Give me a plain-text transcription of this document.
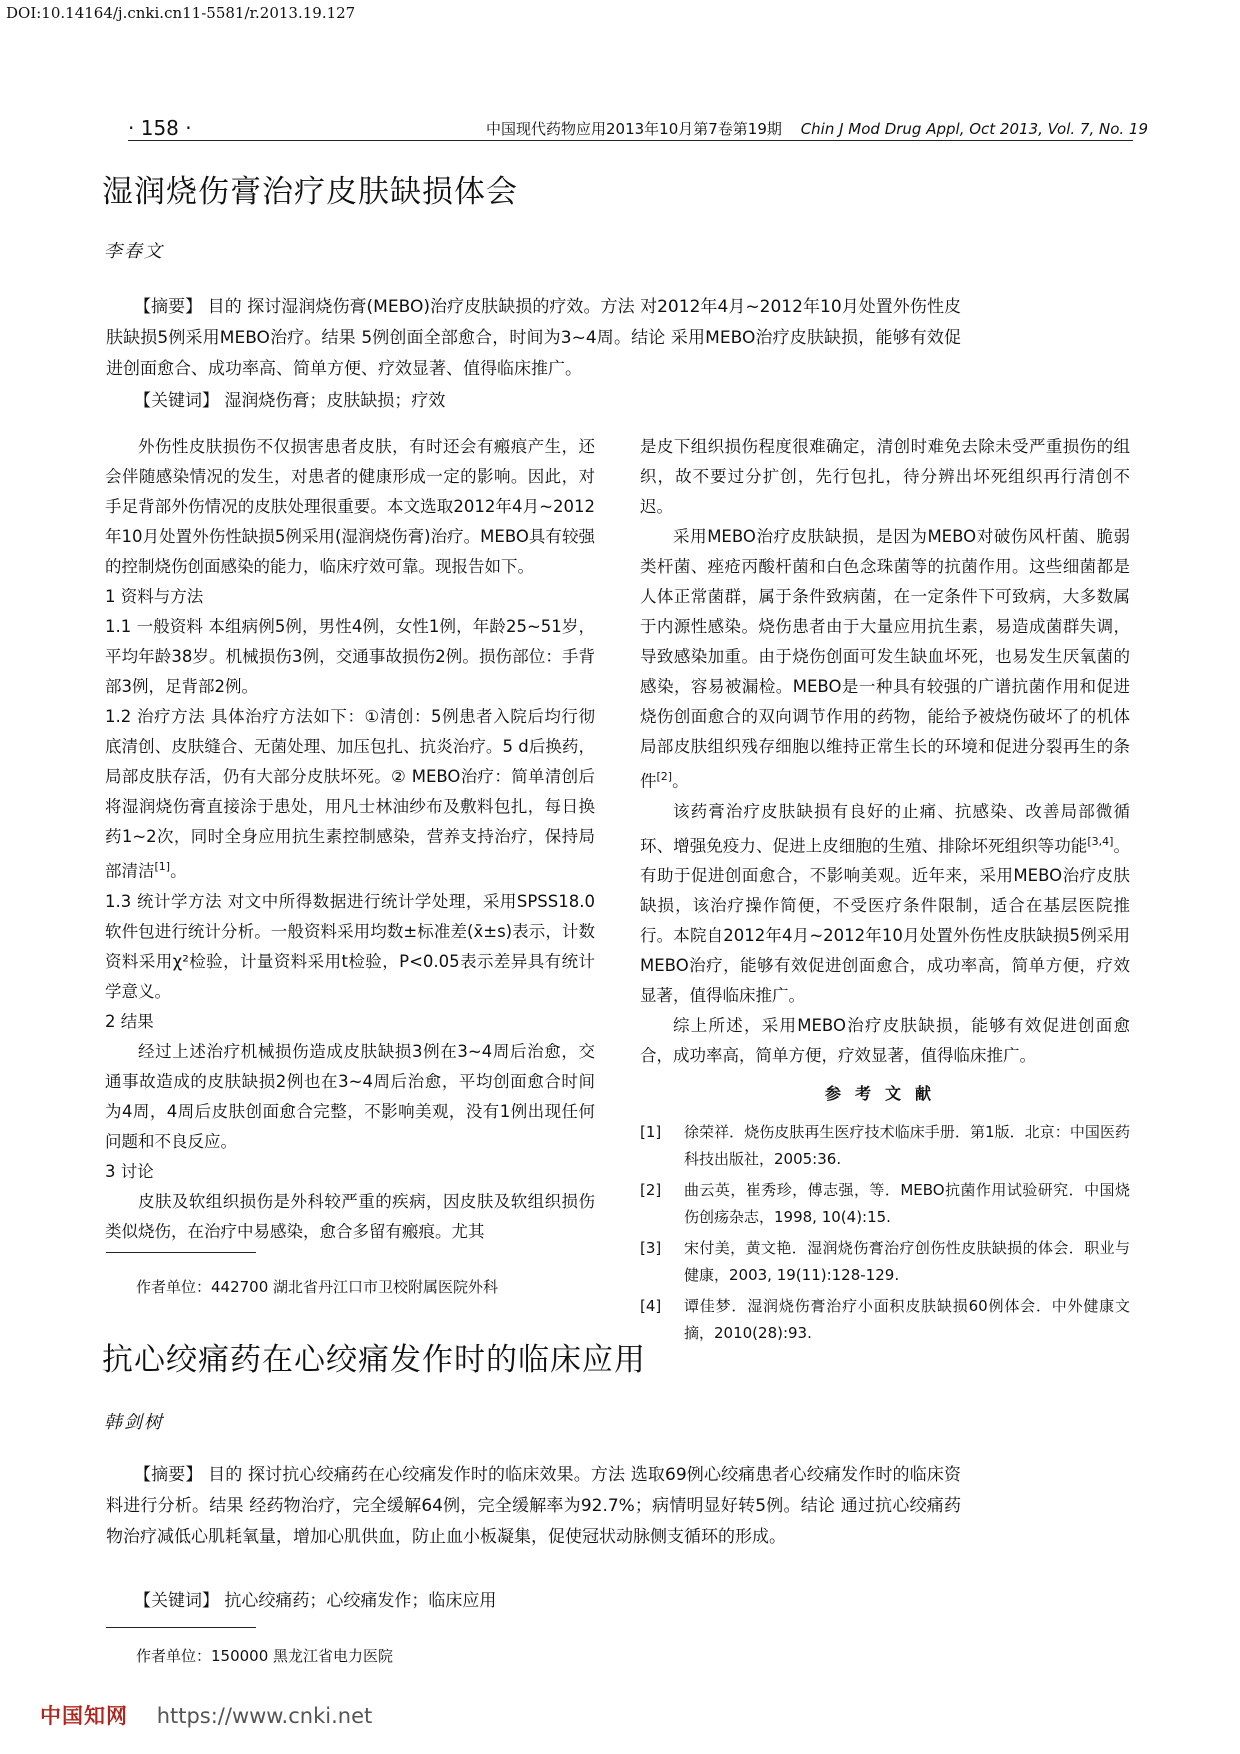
DOI:10.14164/j.cnki.cn11-5581/r.2013.19.127
· 158 ·	中国现代药物应用2013年10月第7卷第19期 Chin J Mod Drug Appl, Oct 2013, Vol. 7, No. 19
湿润烧伤膏治疗皮肤缺损体会
李春文
【摘要】 目的 探讨湿润烧伤膏(MEBO)治疗皮肤缺损的疗效。方法 对2012年4月~2012年10月处置外伤性皮肤缺损5例采用MEBO治疗。结果 5例创面全部愈合，时间为3~4周。结论 采用MEBO治疗皮肤缺损，能够有效促进创面愈合、成功率高、简单方便、疗效显著、值得临床推广。
【关键词】 湿润烧伤膏；皮肤缺损；疗效

外伤性皮肤损伤不仅损害患者皮肤，有时还会有瘢痕产生，还会伴随感染情况的发生，对患者的健康形成一定的影响。因此，对手足背部外伤情况的皮肤处理很重要。本文选取2012年4月~2012年10月处置外伤性缺损5例采用(湿润烧伤膏)治疗。MEBO具有较强的控制烧伤创面感染的能力，临床疗效可靠。现报告如下。

1 资料与方法

1.1 一般资料 本组病例5例，男性4例，女性1例，年龄25~51岁，平均年龄38岁。机械损伤3例，交通事故损伤2例。损伤部位：手背部3例，足背部2例。

1.2 治疗方法 具体治疗方法如下：①清创：5例患者入院后均行彻底清创、皮肤缝合、无菌处理、加压包扎、抗炎治疗。5 d后换药，局部皮肤存活，仍有大部分皮肤坏死。② MEBO治疗：简单清创后将湿润烧伤膏直接涂于患处，用凡士林油纱布及敷料包扎，每日换药1~2次，同时全身应用抗生素控制感染，营养支持治疗，保持局部清洁[1]。

1.3 统计学方法 对文中所得数据进行统计学处理，采用SPSS18.0软件包进行统计分析。一般资料采用均数±标准差(x̄±s)表示，计数资料采用χ²检验，计量资料采用t检验，P<0.05表示差异具有统计学意义。

2 结果

经过上述治疗机械损伤造成皮肤缺损3例在3~4周后治愈，交通事故造成的皮肤缺损2例也在3~4周后治愈，平均创面愈合时间为4周，4周后皮肤创面愈合完整，不影响美观，没有1例出现任何问题和不良反应。

3 讨论

皮肤及软组织损伤是外科较严重的疾病，因皮肤及软组织损伤类似烧伤，在治疗中易感染，愈合多留有瘢痕。尤其

是皮下组织损伤程度很难确定，清创时难免去除未受严重损伤的组织，故不要过分扩创，先行包扎，待分辨出坏死组织再行清创不迟。

采用MEBO治疗皮肤缺损，是因为MEBO对破伤风杆菌、脆弱类杆菌、痤疮丙酸杆菌和白色念珠菌等的抗菌作用。这些细菌都是人体正常菌群，属于条件致病菌，在一定条件下可致病，大多数属于内源性感染。烧伤患者由于大量应用抗生素，易造成菌群失调，导致感染加重。由于烧伤创面可发生缺血坏死，也易发生厌氧菌的感染，容易被漏检。MEBO是一种具有较强的广谱抗菌作用和促进烧伤创面愈合的双向调节作用的药物，能给予被烧伤破坏了的机体局部皮肤组织残存细胞以维持正常生长的环境和促进分裂再生的条件[2]。

该药膏治疗皮肤缺损有良好的止痛、抗感染、改善局部微循环、增强免疫力、促进上皮细胞的生殖、排除坏死组织等功能[3,4]。有助于促进创面愈合，不影响美观。近年来，采用MEBO治疗皮肤缺损，该治疗操作简便，不受医疗条件限制，适合在基层医院推行。本院自2012年4月~2012年10月处置外伤性皮肤缺损5例采用MEBO治疗，能够有效促进创面愈合，成功率高，简单方便，疗效显著，值得临床推广。

综上所述，采用MEBO治疗皮肤缺损，能够有效促进创面愈合，成功率高，简单方便，疗效显著，值得临床推广。

参考文献
[1]	徐荣祥．烧伤皮肤再生医疗技术临床手册．第1版．北京：中国医药科技出版社，2005:36.
[2]	曲云英，崔秀珍，傅志强，等．MEBO抗菌作用试验研究．中国烧伤创疡杂志，1998, 10(4):15.
[3]	宋付美，黄文艳．湿润烧伤膏治疗创伤性皮肤缺损的体会．职业与健康，2003, 19(11):128-129.
[4]	谭佳梦．湿润烧伤膏治疗小面积皮肤缺损60例体会．中外健康文摘，2010(28):93.
作者单位：442700 湖北省丹江口市卫校附属医院外科
抗心绞痛药在心绞痛发作时的临床应用
韩剑树
【摘要】 目的 探讨抗心绞痛药在心绞痛发作时的临床效果。方法 选取69例心绞痛患者心绞痛发作时的临床资料进行分析。结果 经药物治疗，完全缓解64例，完全缓解率为92.7%；病情明显好转5例。结论 通过抗心绞痛药物治疗减低心肌耗氧量，增加心肌供血，防止血小板凝集，促使冠状动脉侧支循环的形成。
【关键词】 抗心绞痛药；心绞痛发作；临床应用
作者单位：150000 黑龙江省电力医院
中国知网 https://www.cnki.net
